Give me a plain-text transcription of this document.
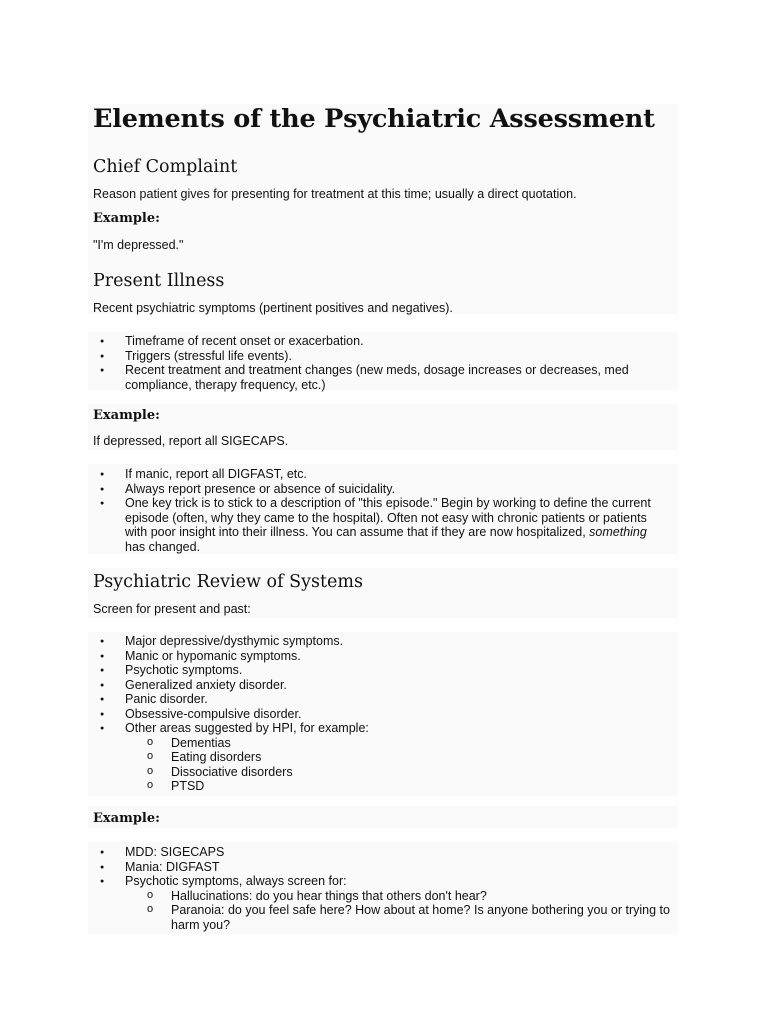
Elements of the Psychiatric Assessment
Chief Complaint
Reason patient gives for presenting for treatment at this time; usually a direct quotation.
Example:
"I'm depressed."
Present Illness
Recent psychiatric symptoms (pertinent positives and negatives).
● Timeframe of recent onset or exacerbation.
● Triggers (stressful life events).
● Recent treatment and treatment changes (new meds, dosage increases or decreases, med compliance, therapy frequency, etc.)
Example:
If depressed, report all SIGECAPS.
● If manic, report all DIGFAST, etc.
● Always report presence or absence of suicidality.
● One key trick is to stick to a description of "this episode." Begin by working to define the current episode (often, why they came to the hospital). Often not easy with chronic patients or patients with poor insight into their illness. You can assume that if they are now hospitalized, something has changed.
Psychiatric Review of Systems
Screen for present and past:
● Major depressive/dysthymic symptoms.
● Manic or hypomanic symptoms.
● Psychotic symptoms.
● Generalized anxiety disorder.
● Panic disorder.
● Obsessive-compulsive disorder.
● Other areas suggested by HPI, for example:
o Dementias
o Eating disorders
o Dissociative disorders
o PTSD
Example:
● MDD: SIGECAPS
● Mania: DIGFAST
● Psychotic symptoms, always screen for:
o Hallucinations: do you hear things that others don't hear?
o Paranoia: do you feel safe here? How about at home? Is anyone bothering you or trying to harm you?
